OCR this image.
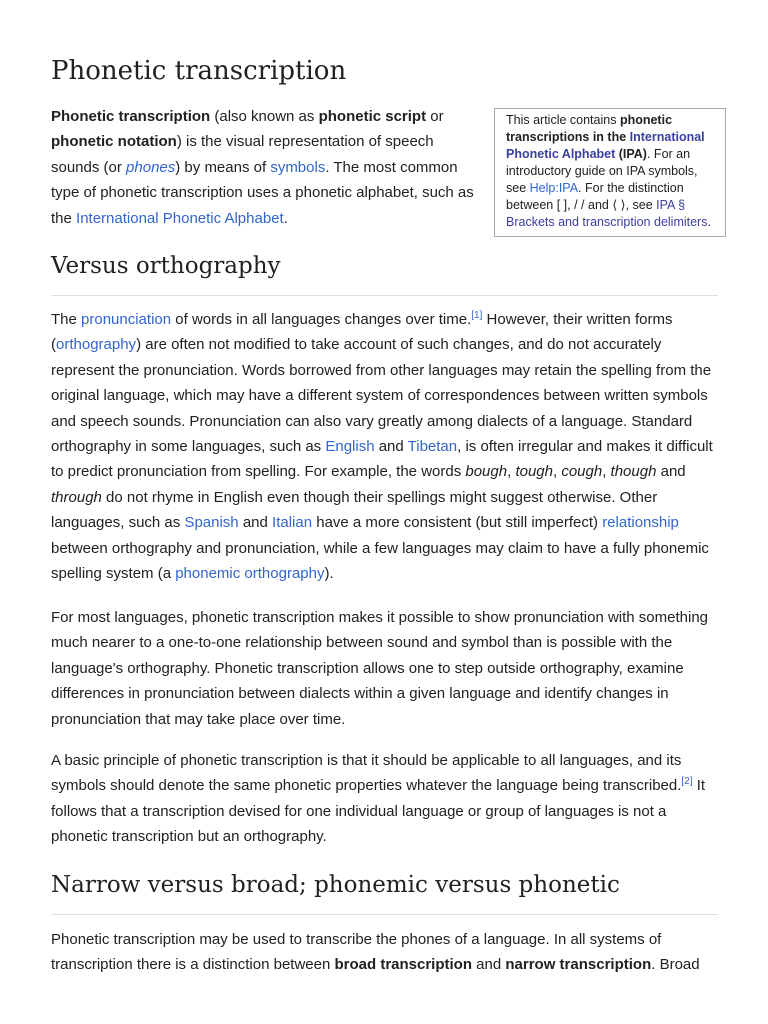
Phonetic transcription

Phonetic transcription (also known as phonetic script or phonetic notation) is the visual representation of speech sounds (or phones) by means of symbols. The most common type of phonetic transcription uses a phonetic alphabet, such as the International Phonetic Alphabet.

This article contains phonetic transcriptions in the International Phonetic Alphabet (IPA). For an introductory guide on IPA symbols, see Help:IPA. For the distinction between [ ], / / and ⟨ ⟩, see IPA § Brackets and transcription delimiters.
Versus orthography

The pronunciation of words in all languages changes over time.[1] However, their written forms (orthography) are often not modified to take account of such changes, and do not accurately represent the pronunciation. Words borrowed from other languages may retain the spelling from the original language, which may have a different system of correspondences between written symbols and speech sounds. Pronunciation can also vary greatly among dialects of a language. Standard orthography in some languages, such as English and Tibetan, is often irregular and makes it difficult to predict pronunciation from spelling. For example, the words bough, tough, cough, though and through do not rhyme in English even though their spellings might suggest otherwise. Other languages, such as Spanish and Italian have a more consistent (but still imperfect) relationship between orthography and pronunciation, while a few languages may claim to have a fully phonemic spelling system (a phonemic orthography).

For most languages, phonetic transcription makes it possible to show pronunciation with something much nearer to a one-to-one relationship between sound and symbol than is possible with the language's orthography. Phonetic transcription allows one to step outside orthography, examine differences in pronunciation between dialects within a given language and identify changes in pronunciation that may take place over time.

A basic principle of phonetic transcription is that it should be applicable to all languages, and its symbols should denote the same phonetic properties whatever the language being transcribed.[2] It follows that a transcription devised for one individual language or group of languages is not a phonetic transcription but an orthography.

Narrow versus broad; phonemic versus phonetic

Phonetic transcription may be used to transcribe the phones of a language. In all systems of transcription there is a distinction between broad transcription and narrow transcription. Broad
